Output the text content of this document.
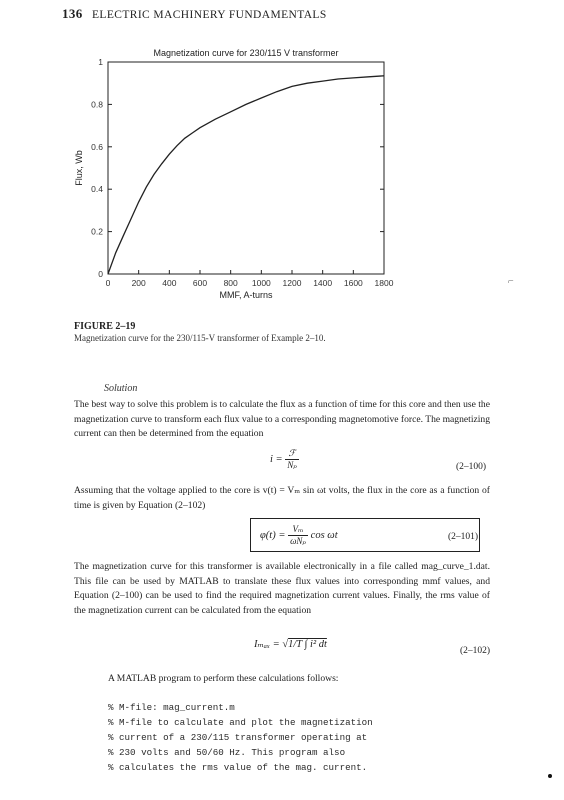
136 ELECTRIC MACHINERY FUNDAMENTALS
Magnetization curve for 230/115 V transformer
0 200 400 600 800 1000 1200 1400 1600 1800
0
0.2
0.4
0.6
0.8
1
MMF, A-turns
Flux, Wb
FIGURE 2–19
Magnetization curve for the 230/115-V transformer of Example 2–10.
Solution
The best way to solve this problem is to calculate the flux as a function of time for this core and then use the magnetization curve to transform each flux value to a corresponding magnetomotive force. The magnetizing current can then be determined from the equation
$i = \frac{\text{ℱ}}{\text{Nₚ}}$	(2–100)
Assuming that the voltage applied to the core is v(t) = Vₘ sin ωt volts, the flux in the core as a function of time is given by Equation (2–102)
$\varphi(t) = \frac{\text{Vₘ}}{\text{ωNₚ}}$ cos ωt	(2–101)
The magnetization curve for this transformer is available electronically in a file called mag_curve_1.dat. This file can be used by MATLAB to translate these flux values into corresponding mmf values, and Equation (2–100) can be used to find the required magnetization current values. Finally, the rms value of the magnetization current can be calculated from the equation
Iₘₐₓ = √1/T ∫ i² dt
(2–102)
A MATLAB program to perform these calculations follows:
% M-file: mag_current.m
% M-file to calculate and plot the magnetization
% current of a 230/115 transformer operating at
% 230 volts and 50/60 Hz. This program also
% calculates the rms value of the mag. current.
⌐
